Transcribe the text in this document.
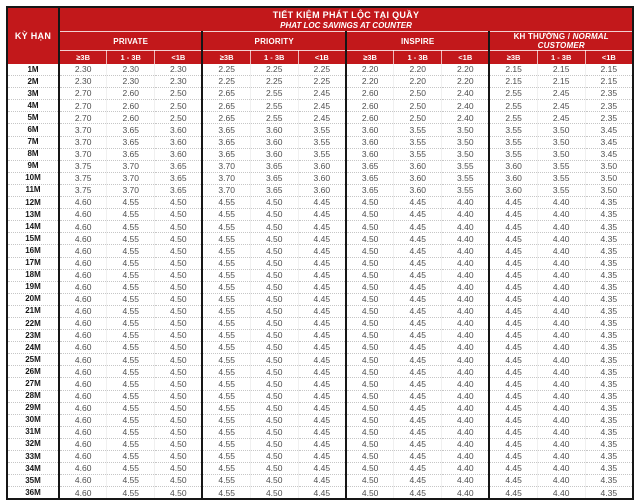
KỲ HẠN	TIẾT KIỆM PHÁT LỘC TẠI QUẦY
PHAT LOC SAVINGS AT COUNTER											

	PRIVATE			PRIORITY			INSPIRE			KH THƯỜNG / NORMAL CUSTOMER		
	≥3B	1 - 3B	<1B	≥3B	1 - 3B	<1B	≥3B	1 - 3B	<1B	≥3B	1 - 3B	<1B
1M	2.30	2.30	2.30	2.25	2.25	2.25	2.20	2.20	2.20	2.15	2.15	2.15
2M	2.30	2.30	2.30	2.25	2.25	2.25	2.20	2.20	2.20	2.15	2.15	2.15
3M	2.70	2.60	2.50	2.65	2.55	2.45	2.60	2.50	2.40	2.55	2.45	2.35
4M	2.70	2.60	2.50	2.65	2.55	2.45	2.60	2.50	2.40	2.55	2.45	2.35
5M	2.70	2.60	2.50	2.65	2.55	2.45	2.60	2.50	2.40	2.55	2.45	2.35
6M	3.70	3.65	3.60	3.65	3.60	3.55	3.60	3.55	3.50	3.55	3.50	3.45
7M	3.70	3.65	3.60	3.65	3.60	3.55	3.60	3.55	3.50	3.55	3.50	3.45
8M	3.70	3.65	3.60	3.65	3.60	3.55	3.60	3.55	3.50	3.55	3.50	3.45
9M	3.75	3.70	3.65	3.70	3.65	3.60	3.65	3.60	3.55	3.60	3.55	3.50
10M	3.75	3.70	3.65	3.70	3.65	3.60	3.65	3.60	3.55	3.60	3.55	3.50
11M	3.75	3.70	3.65	3.70	3.65	3.60	3.65	3.60	3.55	3.60	3.55	3.50
12M	4.60	4.55	4.50	4.55	4.50	4.45	4.50	4.45	4.40	4.45	4.40	4.35
13M	4.60	4.55	4.50	4.55	4.50	4.45	4.50	4.45	4.40	4.45	4.40	4.35
14M	4.60	4.55	4.50	4.55	4.50	4.45	4.50	4.45	4.40	4.45	4.40	4.35
15M	4.60	4.55	4.50	4.55	4.50	4.45	4.50	4.45	4.40	4.45	4.40	4.35
16M	4.60	4.55	4.50	4.55	4.50	4.45	4.50	4.45	4.40	4.45	4.40	4.35
17M	4.60	4.55	4.50	4.55	4.50	4.45	4.50	4.45	4.40	4.45	4.40	4.35
18M	4.60	4.55	4.50	4.55	4.50	4.45	4.50	4.45	4.40	4.45	4.40	4.35
19M	4.60	4.55	4.50	4.55	4.50	4.45	4.50	4.45	4.40	4.45	4.40	4.35
20M	4.60	4.55	4.50	4.55	4.50	4.45	4.50	4.45	4.40	4.45	4.40	4.35
21M	4.60	4.55	4.50	4.55	4.50	4.45	4.50	4.45	4.40	4.45	4.40	4.35
22M	4.60	4.55	4.50	4.55	4.50	4.45	4.50	4.45	4.40	4.45	4.40	4.35
23M	4.60	4.55	4.50	4.55	4.50	4.45	4.50	4.45	4.40	4.45	4.40	4.35
24M	4.60	4.55	4.50	4.55	4.50	4.45	4.50	4.45	4.40	4.45	4.40	4.35
25M	4.60	4.55	4.50	4.55	4.50	4.45	4.50	4.45	4.40	4.45	4.40	4.35
26M	4.60	4.55	4.50	4.55	4.50	4.45	4.50	4.45	4.40	4.45	4.40	4.35
27M	4.60	4.55	4.50	4.55	4.50	4.45	4.50	4.45	4.40	4.45	4.40	4.35
28M	4.60	4.55	4.50	4.55	4.50	4.45	4.50	4.45	4.40	4.45	4.40	4.35
29M	4.60	4.55	4.50	4.55	4.50	4.45	4.50	4.45	4.40	4.45	4.40	4.35
30M	4.60	4.55	4.50	4.55	4.50	4.45	4.50	4.45	4.40	4.45	4.40	4.35
31M	4.60	4.55	4.50	4.55	4.50	4.45	4.50	4.45	4.40	4.45	4.40	4.35
32M	4.60	4.55	4.50	4.55	4.50	4.45	4.50	4.45	4.40	4.45	4.40	4.35
33M	4.60	4.55	4.50	4.55	4.50	4.45	4.50	4.45	4.40	4.45	4.40	4.35
34M	4.60	4.55	4.50	4.55	4.50	4.45	4.50	4.45	4.40	4.45	4.40	4.35
35M	4.60	4.55	4.50	4.55	4.50	4.45	4.50	4.45	4.40	4.45	4.40	4.35
36M	4.60	4.55	4.50	4.55	4.50	4.45	4.50	4.45	4.40	4.45	4.40	4.35
